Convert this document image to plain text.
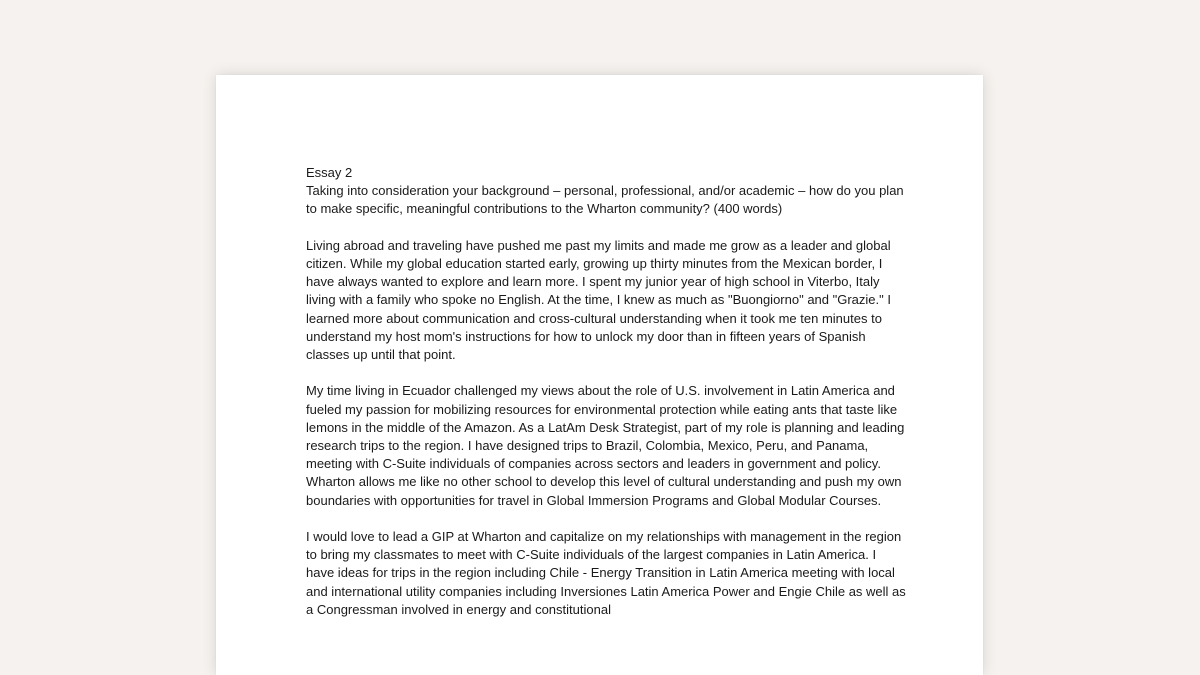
Essay 2

Taking into consideration your background – personal, professional, and/or academic – how do you plan to make specific, meaningful contributions to the Wharton community? (400 words)

Living abroad and traveling have pushed me past my limits and made me grow as a leader and global citizen. While my global education started early, growing up thirty minutes from the Mexican border, I have always wanted to explore and learn more. I spent my junior year of high school in Viterbo, Italy living with a family who spoke no English. At the time, I knew as much as "Buongiorno" and "Grazie." I learned more about communication and cross-cultural understanding when it took me ten minutes to understand my host mom's instructions for how to unlock my door than in fifteen years of Spanish classes up until that point.

My time living in Ecuador challenged my views about the role of U.S. involvement in Latin America and fueled my passion for mobilizing resources for environmental protection while eating ants that taste like lemons in the middle of the Amazon. As a LatAm Desk Strategist, part of my role is planning and leading research trips to the region. I have designed trips to Brazil, Colombia, Mexico, Peru, and Panama, meeting with C-Suite individuals of companies across sectors and leaders in government and policy. Wharton allows me like no other school to develop this level of cultural understanding and push my own boundaries with opportunities for travel in Global Immersion Programs and Global Modular Courses.

I would love to lead a GIP at Wharton and capitalize on my relationships with management in the region to bring my classmates to meet with C-Suite individuals of the largest companies in Latin America. I have ideas for trips in the region including Chile - Energy Transition in Latin America meeting with local and international utility companies including Inversiones Latin America Power and Engie Chile as well as a Congressman involved in energy and constitutional
